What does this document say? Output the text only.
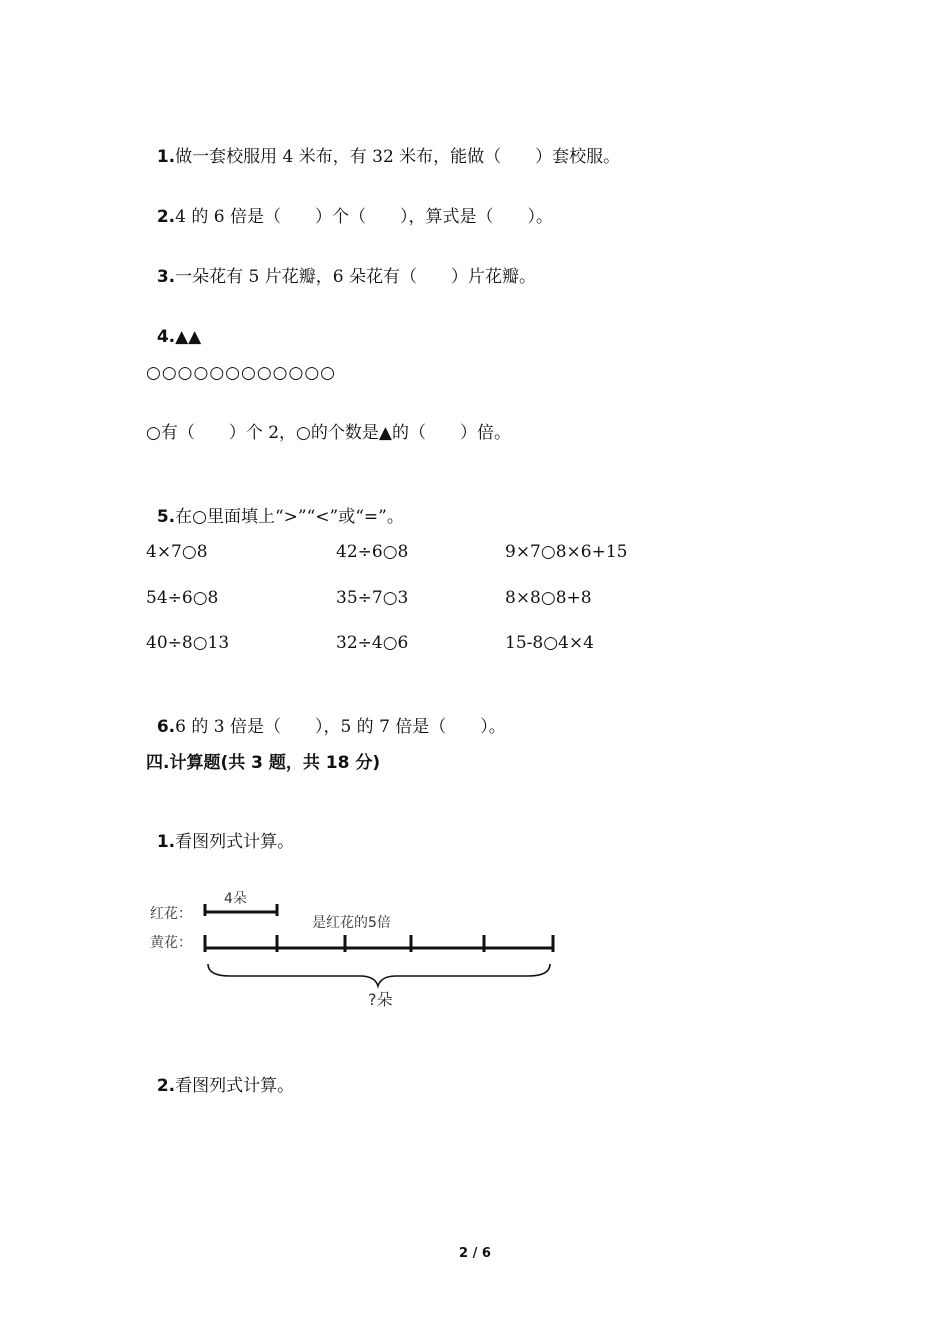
1.做一套校服用 4 米布，有 32 米布，能做（　　）套校服。

2.4 的 6 倍是（　　）个（　　），算式是（　　）。

3.一朵花有 5 片花瓣，6 朵花有（　　）片花瓣。

4.▲▲

○○○○○○○○○○○○
○有（　　）个 2，○的个数是▲的（　　）倍。

5.在○里面填上“>”“<”或“=”。

4×7○8	42÷6○8	9×7○8×6+15
54÷6○8	35÷7○3	8×8○8+8
40÷8○13	32÷4○6	15-8○4×4

6.6 的 3 倍是（　　），5 的 7 倍是（　　）。

四.计算题(共 3 题，共 18 分)

1.看图列式计算。

红花：
黄花：
4朵
是红花的5倍
?朵

2.看图列式计算。

2 / 6
